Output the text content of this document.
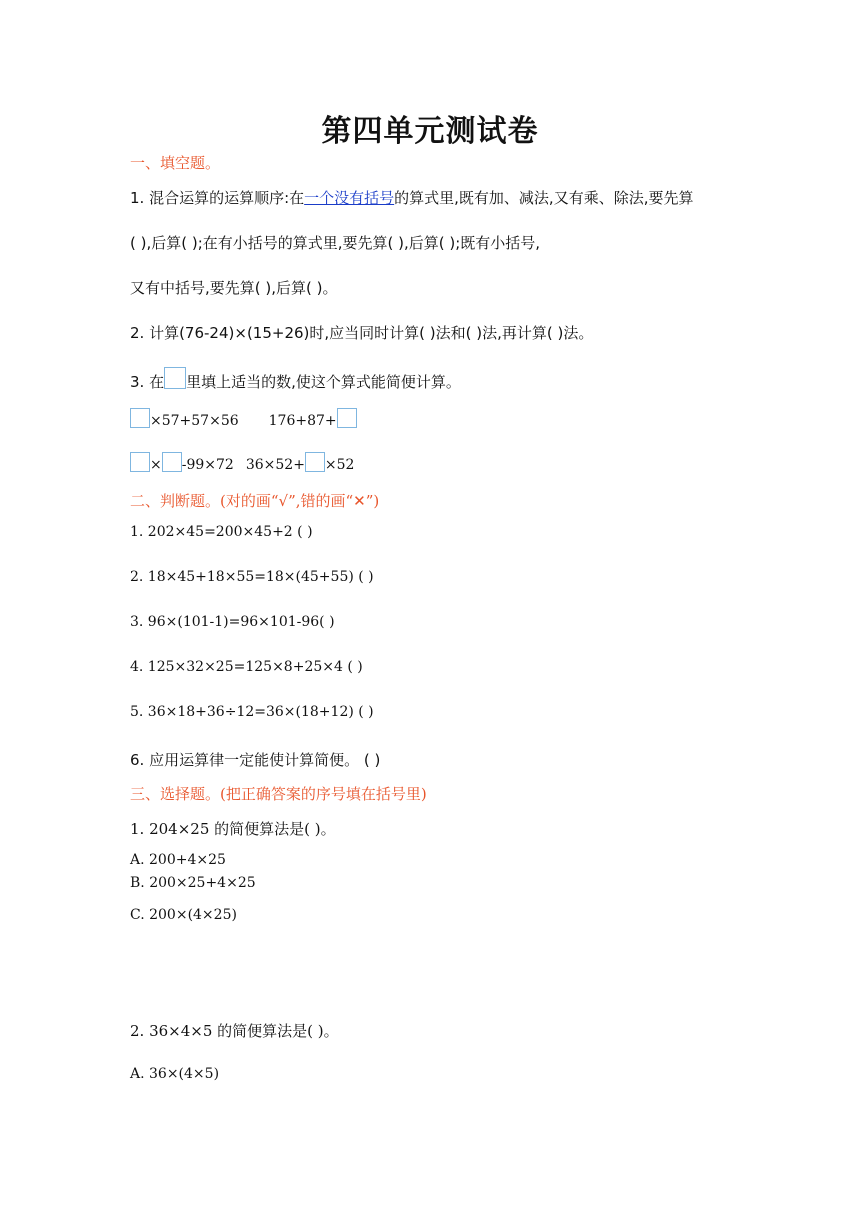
第四单元测试卷
一、填空题。
1. 混合运算的运算顺序:在一个没有括号的算式里,既有加、减法,又有乘、除法,要先算
( ),后算( );在有小括号的算式里,要先算( ),后算( );既有小括号,
又有中括号,要先算( ),后算( )。
2. 计算(76-24)×(15+26)时,应当同时计算( )法和( )法,再计算( )法。
3. 在 里填上适当的数,使这个算式能简便计算。
×57+57×56 176+87+
× -99×72 36×52+ ×52
二、判断题。(对的画“√”,错的画“✕”)
1. 202×45=200×45+2 ( )
2. 18×45+18×55=18×(45+55) ( )
3. 96×(101-1)=96×101-96( )
4. 125×32×25=125×8+25×4 ( )
5. 36×18+36÷12=36×(18+12) ( )
6. 应用运算律一定能使计算简便。 ( )
三、选择题。(把正确答案的序号填在括号里)
1. 204×25 的简便算法是( )。
A. 200+4×25
B. 200×25+4×25
C. 200×(4×25)
2. 36×4×5 的简便算法是( )。
A. 36×(4×5)
